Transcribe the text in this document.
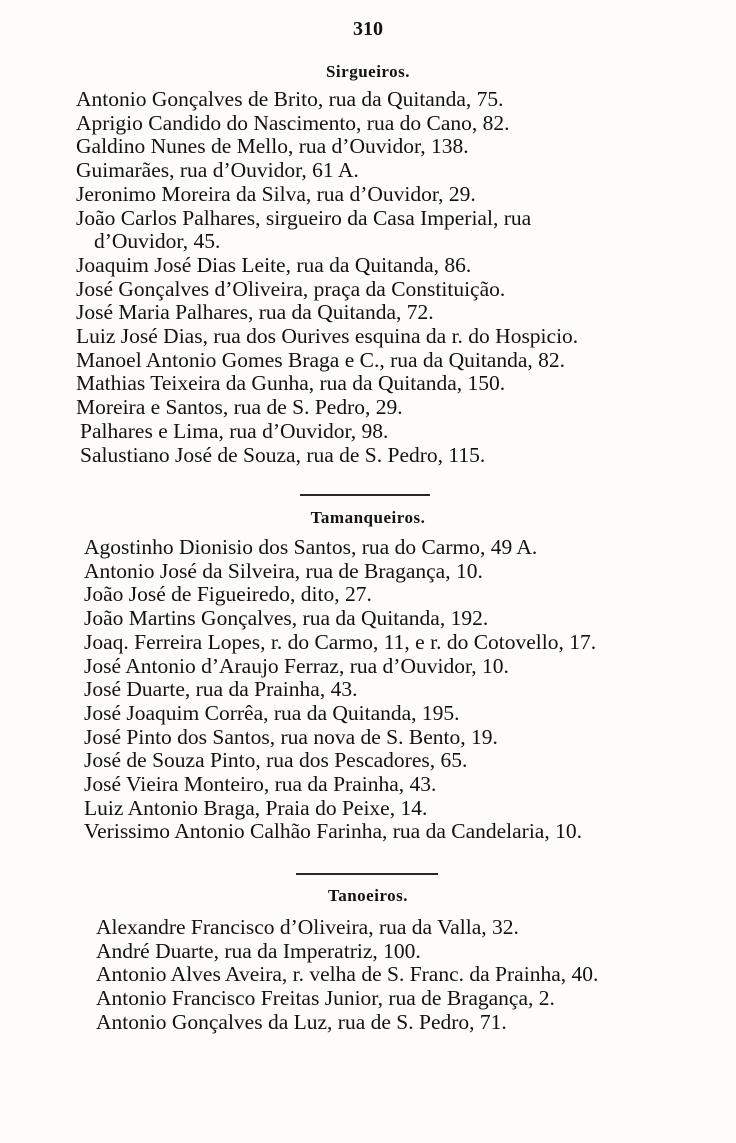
310
Sirgueiros.
Antonio Gonçalves de Brito, rua da Quitanda, 75.
Aprigio Candido do Nascimento, rua do Cano, 82.
Galdino Nunes de Mello, rua d’Ouvidor, 138.
Guimarães, rua d’Ouvidor, 61 A.
Jeronimo Moreira da Silva, rua d’Ouvidor, 29.
João Carlos Palhares, sirgueiro da Casa Imperial, rua
d’Ouvidor, 45.
Joaquim José Dias Leite, rua da Quitanda, 86.
José Gonçalves d’Oliveira, praça da Constituição.
José Maria Palhares, rua da Quitanda, 72.
Luiz José Dias, rua dos Ourives esquina da r. do Hospicio.
Manoel Antonio Gomes Braga e C., rua da Quitanda, 82.
Mathias Teixeira da Gunha, rua da Quitanda, 150.
Moreira e Santos, rua de S. Pedro, 29.
Palhares e Lima, rua d’Ouvidor, 98.
Salustiano José de Souza, rua de S. Pedro, 115.
Tamanqueiros.
Agostinho Dionisio dos Santos, rua do Carmo, 49 A.
Antonio José da Silveira, rua de Bragança, 10.
João José de Figueiredo, dito, 27.
João Martins Gonçalves, rua da Quitanda, 192.
Joaq. Ferreira Lopes, r. do Carmo, 11, e r. do Cotovello, 17.
José Antonio d’Araujo Ferraz, rua d’Ouvidor, 10.
José Duarte, rua da Prainha, 43.
José Joaquim Corrêa, rua da Quitanda, 195.
José Pinto dos Santos, rua nova de S. Bento, 19.
José de Souza Pinto, rua dos Pescadores, 65.
José Vieira Monteiro, rua da Prainha, 43.
Luiz Antonio Braga, Praia do Peixe, 14.
Verissimo Antonio Calhão Farinha, rua da Candelaria, 10.
Tanoeiros.
Alexandre Francisco d’Oliveira, rua da Valla, 32.
André Duarte, rua da Imperatriz, 100.
Antonio Alves Aveira, r. velha de S. Franc. da Prainha, 40.
Antonio Francisco Freitas Junior, rua de Bragança, 2.
Antonio Gonçalves da Luz, rua de S. Pedro, 71.
